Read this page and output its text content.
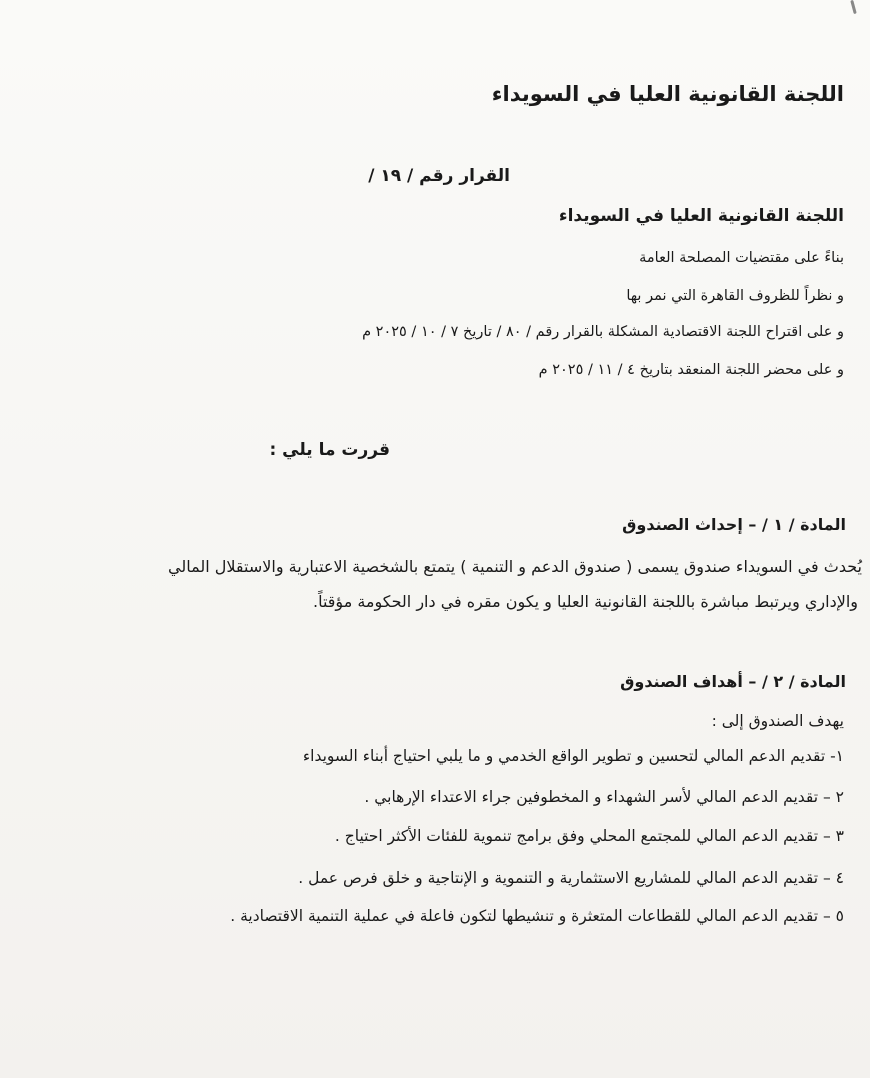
اللجنة القانونية العليا في السويداء
القرار رقم / ١٩ /
اللجنة القانونية العليا في السويداء
بناءً على مقتضيات المصلحة العامة
و نظراً للظروف القاهرة التي نمر بها
و على اقتراح اللجنة الاقتصادية المشكلة بالقرار رقم / ٨٠ / تاريخ ٧ / ١٠ / ٢٠٢٥ م
و على محضر اللجنة المنعقد بتاريخ ٤ / ١١ / ٢٠٢٥ م
قررت ما يلي :
المادة / ١ / – إحداث الصندوق
يُحدث في السويداء صندوق يسمى ( صندوق الدعم و التنمية ) يتمتع بالشخصية الاعتبارية والاستقلال المالي
والإداري ويرتبط مباشرة باللجنة القانونية العليا و يكون مقره في دار الحكومة مؤقتاً.
المادة / ٢ / – أهداف الصندوق
يهدف الصندوق إلى :
١- تقديم الدعم المالي لتحسين و تطوير الواقع الخدمي و ما يلبي احتياج أبناء السويداء
٢ – تقديم الدعم المالي لأسر الشهداء و المخطوفين جراء الاعتداء الإرهابي .
٣ – تقديم الدعم المالي للمجتمع المحلي وفق برامج تنموية للفئات الأكثر احتياج .
٤ – تقديم الدعم المالي للمشاريع الاستثمارية و التنموية و الإنتاجية و خلق فرص عمل .
٥ – تقديم الدعم المالي للقطاعات المتعثرة و تنشيطها لتكون فاعلة في عملية التنمية الاقتصادية .
